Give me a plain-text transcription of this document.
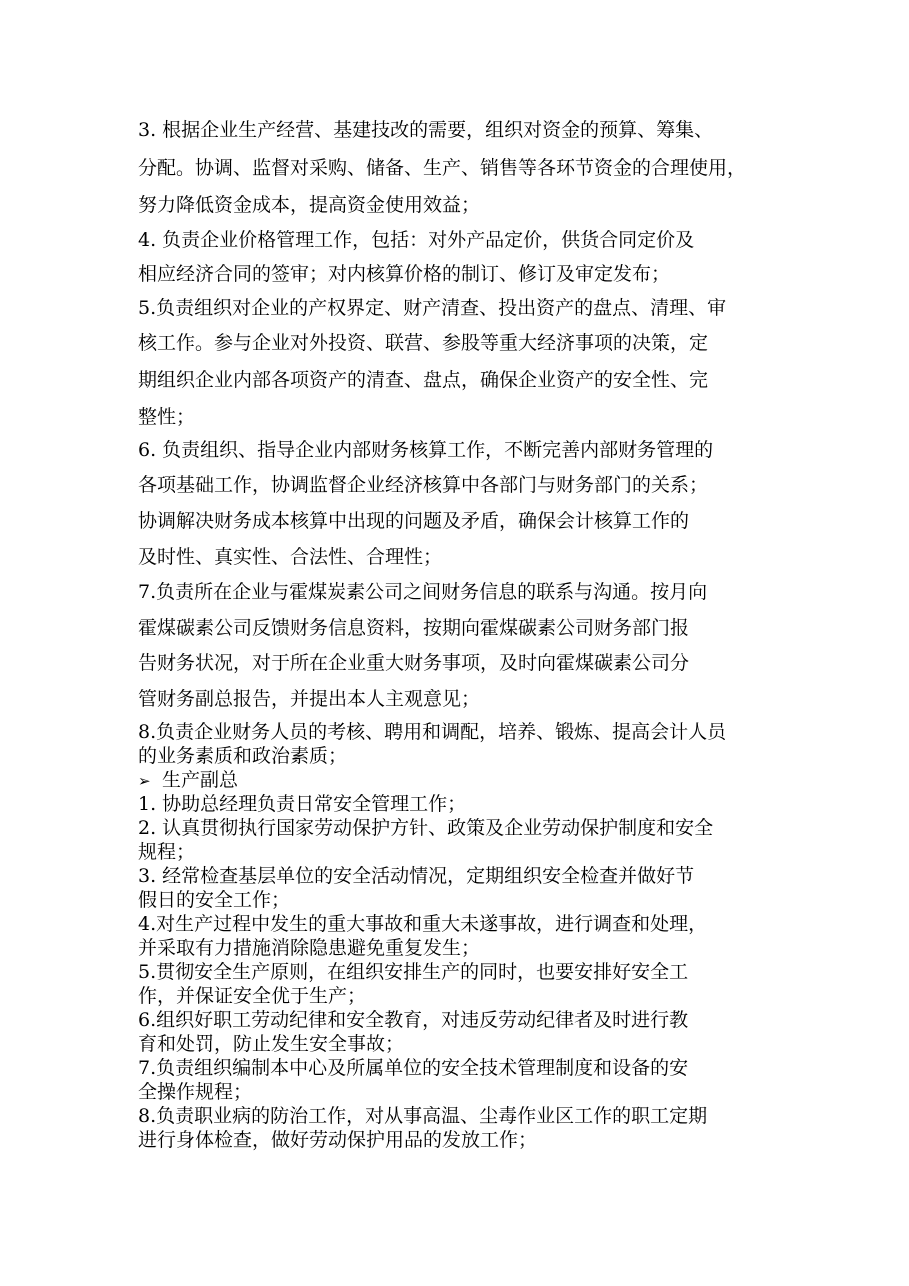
3. 根据企业生产经营、基建技改的需要，组织对资金的预算、筹集、
分配。协调、监督对采购、储备、生产、销售等各环节资金的合理使用，
努力降低资金成本，提高资金使用效益；
4. 负责企业价格管理工作，包括：对外产品定价，供货合同定价及
相应经济合同的签审；对内核算价格的制订、修订及审定发布；
5.负责组织对企业的产权界定、财产清查、投出资产的盘点、清理、审
核工作。参与企业对外投资、联营、参股等重大经济事项的决策，定
期组织企业内部各项资产的清查、盘点，确保企业资产的安全性、完
整性；
6. 负责组织、指导企业内部财务核算工作，不断完善内部财务管理的
各项基础工作，协调监督企业经济核算中各部门与财务部门的关系；
协调解决财务成本核算中出现的问题及矛盾，确保会计核算工作的
及时性、真实性、合法性、合理性；
7.负责所在企业与霍煤炭素公司之间财务信息的联系与沟通。按月向
霍煤碳素公司反馈财务信息资料，按期向霍煤碳素公司财务部门报
告财务状况，对于所在企业重大财务事项，及时向霍煤碳素公司分
管财务副总报告，并提出本人主观意见；
8.负责企业财务人员的考核、聘用和调配，培养、锻炼、提高会计人员
的业务素质和政治素质；
➢ 生产副总
1. 协助总经理负责日常安全管理工作；
2. 认真贯彻执行国家劳动保护方针、政策及企业劳动保护制度和安全
规程；
3. 经常检查基层单位的安全活动情况，定期组织安全检查并做好节
假日的安全工作；
4.对生产过程中发生的重大事故和重大未遂事故，进行调查和处理，
并采取有力措施消除隐患避免重复发生；
5.贯彻安全生产原则，在组织安排生产的同时，也要安排好安全工
作，并保证安全优于生产；
6.组织好职工劳动纪律和安全教育，对违反劳动纪律者及时进行教
育和处罚，防止发生安全事故；
7.负责组织编制本中心及所属单位的安全技术管理制度和设备的安
全操作规程；
8.负责职业病的防治工作，对从事高温、尘毒作业区工作的职工定期
进行身体检查，做好劳动保护用品的发放工作；
